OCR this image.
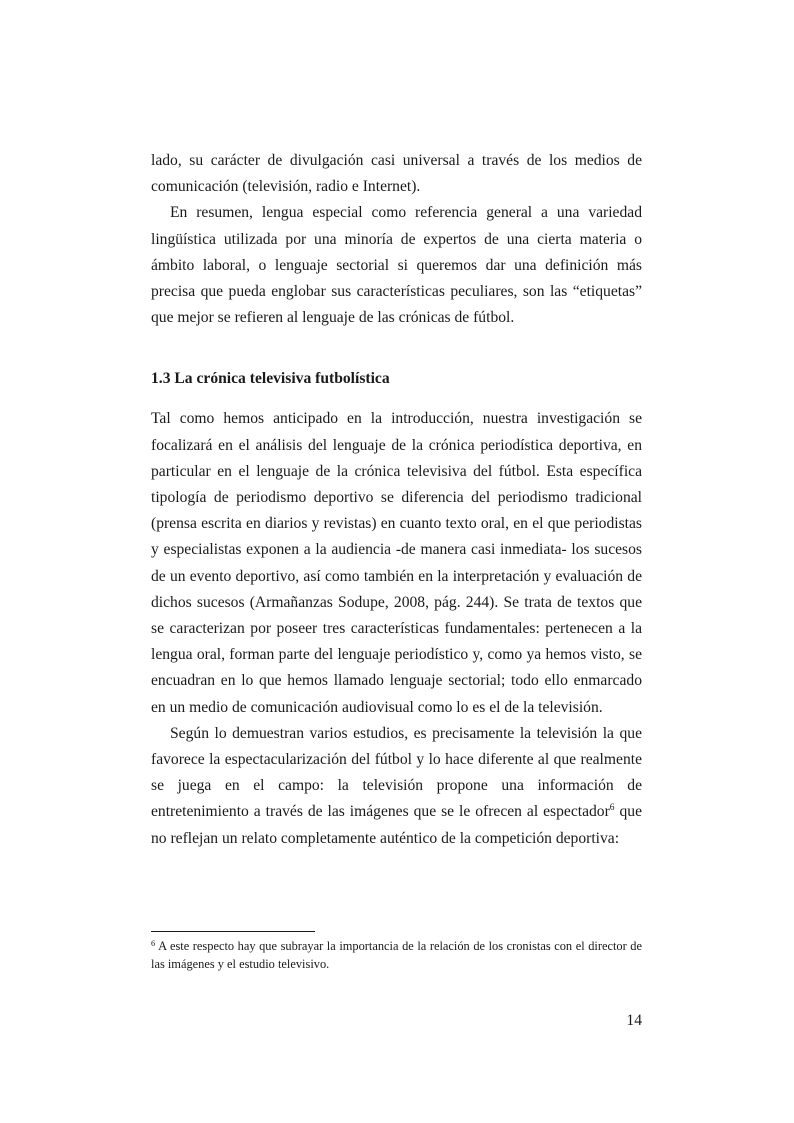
lado, su carácter de divulgación casi universal a través de los medios de comunicación (televisión, radio e Internet).

En resumen, lengua especial como referencia general a una variedad lingüística utilizada por una minoría de expertos de una cierta materia o ámbito laboral, o lenguaje sectorial si queremos dar una definición más precisa que pueda englobar sus características peculiares, son las “etiquetas” que mejor se refieren al lenguaje de las crónicas de fútbol.

1.3 La crónica televisiva futbolística

Tal como hemos anticipado en la introducción, nuestra investigación se focalizará en el análisis del lenguaje de la crónica periodística deportiva, en particular en el lenguaje de la crónica televisiva del fútbol. Esta específica tipología de periodismo deportivo se diferencia del periodismo tradicional (prensa escrita en diarios y revistas) en cuanto texto oral, en el que periodistas y especialistas exponen a la audiencia -de manera casi inmediata- los sucesos de un evento deportivo, así como también en la interpretación y evaluación de dichos sucesos (Armañanzas Sodupe, 2008, pág. 244). Se trata de textos que se caracterizan por poseer tres características fundamentales: pertenecen a la lengua oral, forman parte del lenguaje periodístico y, como ya hemos visto, se encuadran en lo que hemos llamado lenguaje sectorial; todo ello enmarcado en un medio de comunicación audiovisual como lo es el de la televisión.

Según lo demuestran varios estudios, es precisamente la televisión la que favorece la espectacularización del fútbol y lo hace diferente al que realmente se juega en el campo: la televisión propone una información de entretenimiento a través de las imágenes que se le ofrecen al espectador$^6$ que no reflejan un relato completamente auténtico de la competición deportiva:

$^6$ A este respecto hay que subrayar la importancia de la relación de los cronistas con el director de las imágenes y el estudio televisivo.

14
